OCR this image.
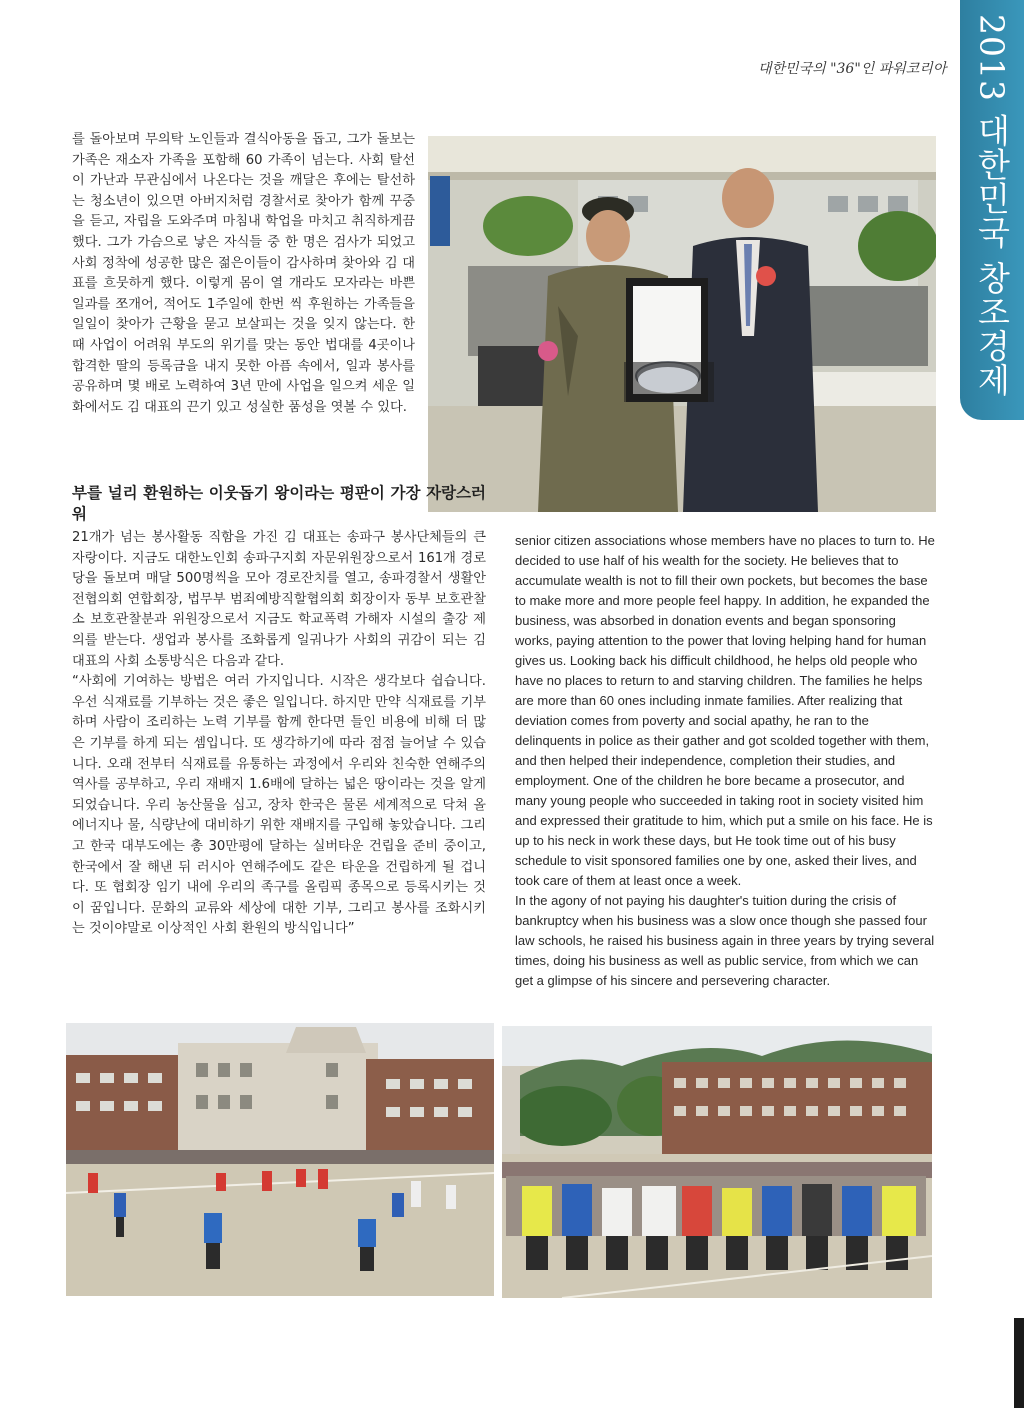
2013 대한민국 창조경제
대한민국의 "36"인 파워코리아

를 돌아보며 무의탁 노인들과 결식아동을 돕고, 그가 돌보는 가족은 재소자 가족을 포함해 60 가족이 넘는다. 사회 탈선이 가난과 무관심에서 나온다는 것을 깨달은 후에는 탈선하는 청소년이 있으면 아버지처럼 경찰서로 찾아가 함께 꾸중을 듣고, 자립을 도와주며 마침내 학업을 마치고 취직하게끔 했다. 그가 가슴으로 낳은 자식들 중 한 명은 검사가 되었고 사회 정착에 성공한 많은 젊은이들이 감사하며 찾아와 김 대표를 흐뭇하게 했다. 이렇게 몸이 열 개라도 모자라는 바쁜 일과를 쪼개어, 적어도 1주일에 한번 씩 후원하는 가족들을 일일이 찾아가 근황을 묻고 보살피는 것을 잊지 않는다. 한때 사업이 어려워 부도의 위기를 맞는 동안 법대를 4곳이나 합격한 딸의 등록금을 내지 못한 아픔 속에서, 일과 봉사를 공유하며 몇 배로 노력하여 3년 만에 사업을 일으켜 세운 일화에서도 김 대표의 끈기 있고 성실한 품성을 엿볼 수 있다.

부를 널리 환원하는 이웃돕기 왕이라는 평판이 가장 자랑스러워

21개가 넘는 봉사활동 직함을 가진 김 대표는 송파구 봉사단체들의 큰 자랑이다. 지금도 대한노인회 송파구지회 자문위원장으로서 161개 경로당을 돌보며 매달 500명씩을 모아 경로잔치를 열고, 송파경찰서 생활안전협의회 연합회장, 법무부 범죄예방직할협의회 회장이자 동부 보호관찰소 보호관찰분과 위원장으로서 지금도 학교폭력 가해자 시설의 출강 제의를 받는다. 생업과 봉사를 조화롭게 일궈나가 사회의 귀감이 되는 김 대표의 사회 소통방식은 다음과 같다.

“사회에 기여하는 방법은 여러 가지입니다. 시작은 생각보다 쉽습니다. 우선 식재료를 기부하는 것은 좋은 일입니다. 하지만 만약 식재료를 기부하며 사람이 조리하는 노력 기부를 함께 한다면 들인 비용에 비해 더 많은 기부를 하게 되는 셈입니다. 또 생각하기에 따라 점점 늘어날 수 있습니다. 오래 전부터 식재료를 유통하는 과정에서 우리와 친숙한 연해주의 역사를 공부하고, 우리 재배지 1.6배에 달하는 넓은 땅이라는 것을 알게 되었습니다. 우리 농산물을 심고, 장차 한국은 물론 세계적으로 닥쳐 올 에너지나 물, 식량난에 대비하기 위한 재배지를 구입해 놓았습니다. 그리고 한국 대부도에는 총 30만평에 달하는 실버타운 건립을 준비 중이고, 한국에서 잘 해낸 뒤 러시아 연해주에도 같은 타운을 건립하게 될 겁니다. 또 협회장 임기 내에 우리의 족구를 올림픽 종목으로 등록시키는 것이 꿈입니다. 문화의 교류와 세상에 대한 기부, 그리고 봉사를 조화시키는 것이야말로 이상적인 사회 환원의 방식입니다”

senior citizen associations whose members have no places to turn to. He decided to use half of his wealth for the society. He believes that to accumulate wealth is not to fill their own pockets, but becomes the base to make more and more people feel happy. In addition, he expanded the business, was absorbed in donation events and began sponsoring works, paying attention to the power that loving helping hand for human gives us. Looking back his difficult childhood, he helps old people who have no places to return to and starving children. The families he helps are more than 60 ones including inmate families. After realizing that deviation comes from poverty and social apathy, he ran to the delinquents in police as their gather and got scolded together with them, and then helped their independence, completion their studies, and employment. One of the children he bore became a prosecutor, and many young people who succeeded in taking root in society visited him and expressed their gratitude to him, which put a smile on his face. He is up to his neck in work these days, but He took time out of his busy schedule to visit sponsored families one by one, asked their lives, and took care of them at least once a week.

In the agony of not paying his daughter's tuition during the crisis of bankruptcy when his business was a slow once though she passed four law schools, he raised his business again in three years by trying several times, doing his business as well as public service, from which we can get a glimpse of his sincere and persevering character.
